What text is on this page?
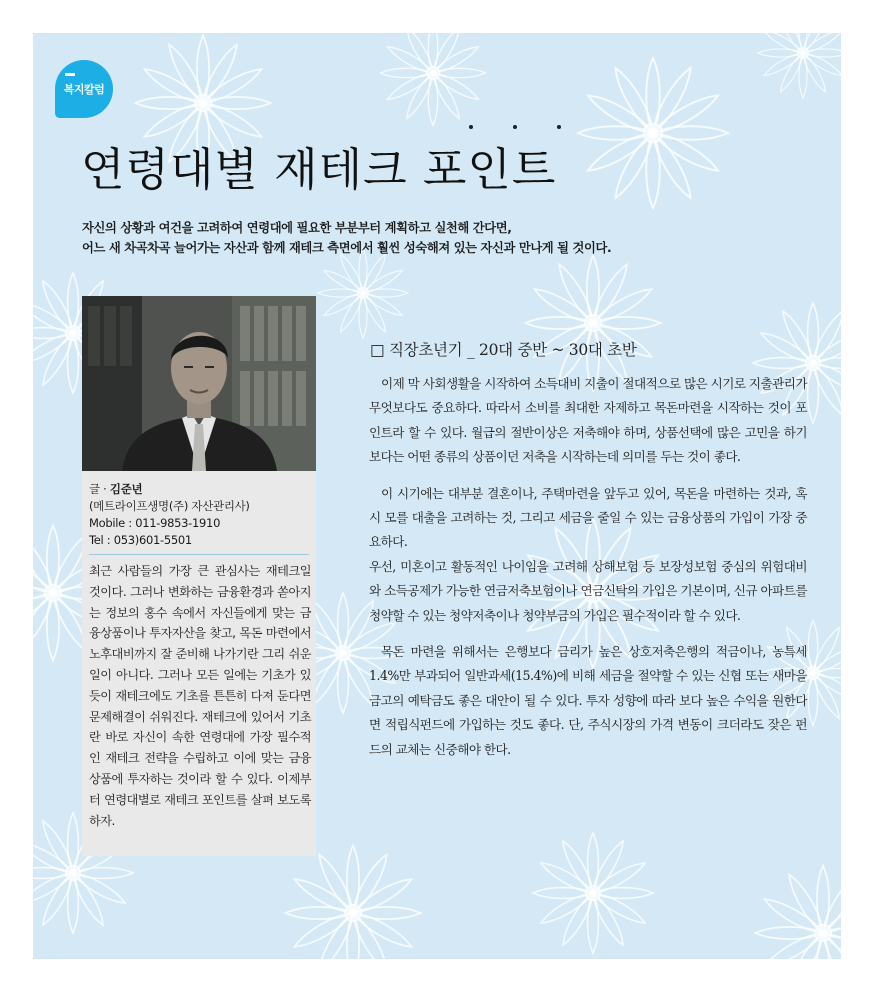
복지칼럼
연령대별 재테크 포인트
자신의 상황과 여건을 고려하여 연령대에 필요한 부분부터 계획하고 실천해 간다면,
어느 새 차곡차곡 늘어가는 자산과 함께 재테크 측면에서 훨씬 성숙해져 있는 자신과 만나게 될 것이다.
글 · 김준년
(메트라이프생명(주) 자산관리사)
Mobile : 011-9853-1910
Tel : 053)601-5501
최근 사람들의 가장 큰 관심사는 재테크일 것이다. 그러나 변화하는 금융환경과 쏟아지는 정보의 홍수 속에서 자신들에게 맞는 금융상품이나 투자자산을 찾고, 목돈 마련에서 노후대비까지 잘 준비해 나가기란 그리 쉬운 일이 아니다. 그러나 모든 일에는 기초가 있듯이 재테크에도 기초를 튼튼히 다져 둔다면 문제해결이 쉬워진다. 재테크에 있어서 기초란 바로 자신이 속한 연령대에 가장 필수적인 재테크 전략을 수립하고 이에 맞는 금융상품에 투자하는 것이라 할 수 있다. 이제부터 연령대별로 재테크 포인트를 살펴 보도록 하자.
□ 직장초년기 _ 20대 중반 ~ 30대 초반

이제 막 사회생활을 시작하여 소득대비 지출이 절대적으로 많은 시기로 지출관리가 무엇보다도 중요하다. 따라서 소비를 최대한 자제하고 목돈마련을 시작하는 것이 포인트라 할 수 있다. 월급의 절반이상은 저축해야 하며, 상품선택에 많은 고민을 하기 보다는 어떤 종류의 상품이던 저축을 시작하는데 의미를 두는 것이 좋다.

이 시기에는 대부분 결혼이나, 주택마련을 앞두고 있어, 목돈을 마련하는 것과, 혹시 모를 대출을 고려하는 것, 그리고 세금을 줄일 수 있는 금융상품의 가입이 가장 중요하다.

우선, 미혼이고 활동적인 나이임을 고려해 상해보험 등 보장성보험 중심의 위험대비와 소득공제가 가능한 연금저축보험이나 연금신탁의 가입은 기본이며, 신규 아파트를 청약할 수 있는 청약저축이나 청약부금의 가입은 필수적이라 할 수 있다.

목돈 마련을 위해서는 은행보다 금리가 높은 상호저축은행의 적금이나, 농특세 1.4%만 부과되어 일반과세(15.4%)에 비해 세금을 절약할 수 있는 신협 또는 새마을금고의 예탁금도 좋은 대안이 될 수 있다. 투자 성향에 따라 보다 높은 수익을 원한다면 적립식펀드에 가입하는 것도 좋다. 단, 주식시장의 가격 변동이 크더라도 잦은 펀드의 교체는 신중해야 한다.
